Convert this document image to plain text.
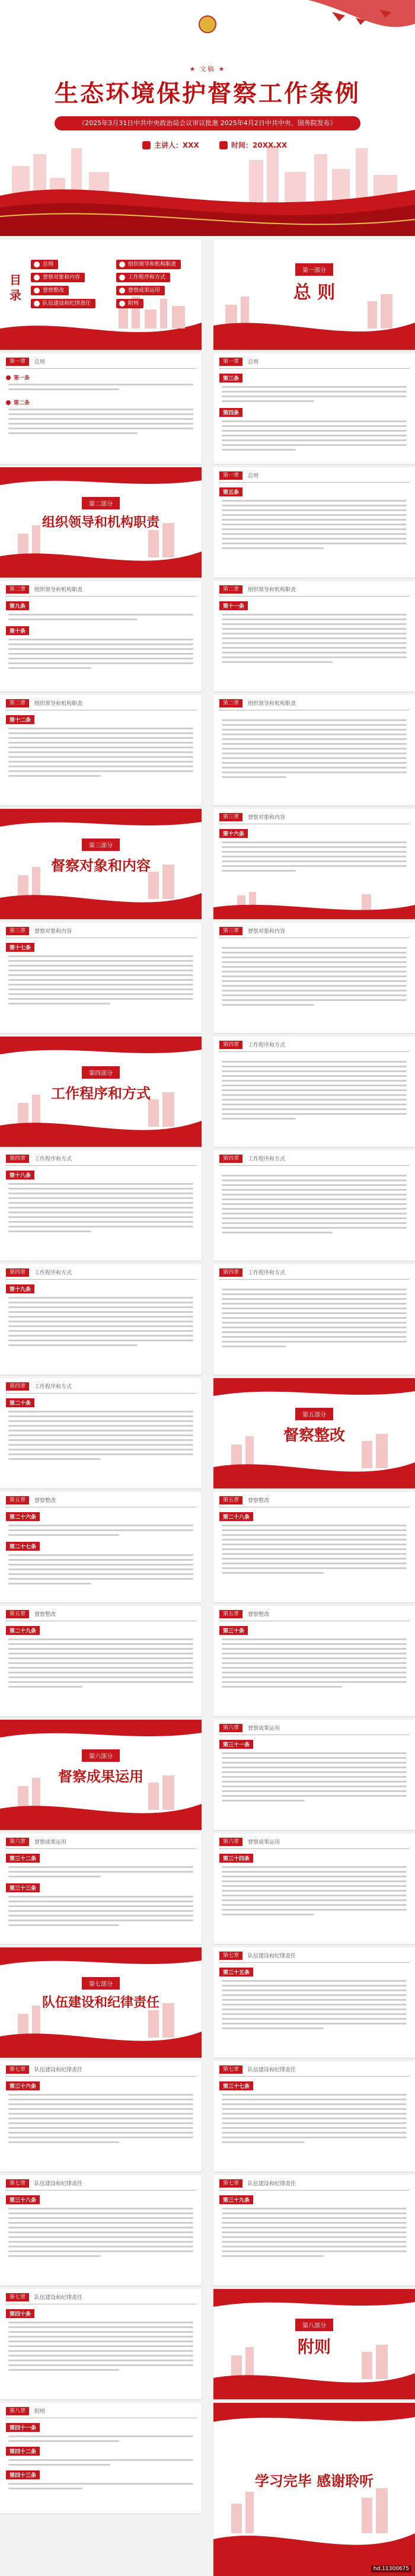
★ 文稿 ★
生态环境保护督察工作条例
（2025年3月31日中共中央政治局会议审议批准 2025年4月2日中共中央、国务院发布）
主讲人：XXX	时间：20XX.XX
目
录
总则
督察对象和内容
督察整改
队伍建设和纪律责任
组织领导和机构职责
工作程序和方式
督察成果运用
附则
第一部分
总 则
第一章	总则
第一条
第二条
第一章	总则
第三条
第四条
第二部分
组织领导和机构职责
第一章	总则
第五条
第二章	组织领导和机构职责
第九条
第十条
第二章	组织领导和机构职责
第十一条
第二章	组织领导和机构职责
第十二条
第二章	组织领导和机构职责
第三部分
督察对象和内容
第三章	督察对象和内容
第十六条
第三章	督察对象和内容
第十七条
第三章	督察对象和内容
第四部分
工作程序和方式
第四章	工作程序和方式
第四章	工作程序和方式
第十八条
第四章	工作程序和方式
第四章	工作程序和方式
第十九条
第四章	工作程序和方式
第四章	工作程序和方式
第二十条
第五部分
督察整改
第五章	督察整改
第二十六条
第二十七条
第五章	督察整改
第二十八条
第五章	督察整改
第二十九条
第五章	督察整改
第三十条
第六部分
督察成果运用
第六章	督察成果运用
第三十一条
第六章	督察成果运用
第三十二条
第三十三条
第六章	督察成果运用
第三十四条
第七部分
队伍建设和纪律责任
第七章	队伍建设和纪律责任
第三十五条
第七章	队伍建设和纪律责任
第三十六条
第七章	队伍建设和纪律责任
第三十七条
第七章	队伍建设和纪律责任
第三十八条
第七章	队伍建设和纪律责任
第三十九条
第七章	队伍建设和纪律责任
第四十条
第八部分
附则
第八章	附则
第四十一条
第四十二条
第四十三条	学习完毕 感谢聆听
hd.11300675
